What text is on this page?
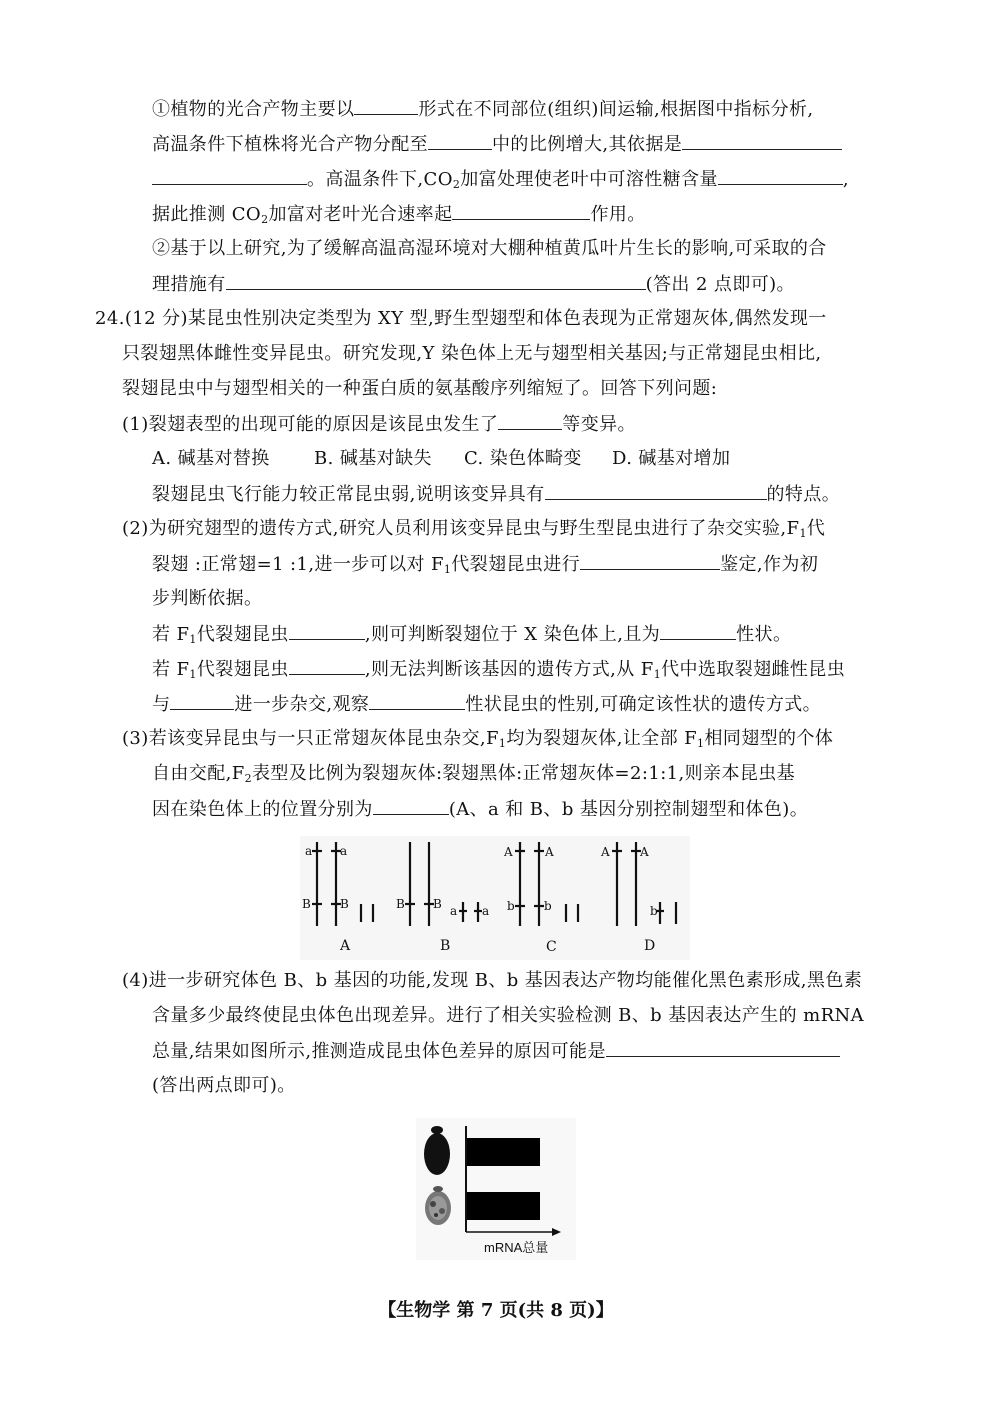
①植物的光合产物主要以	形式在不同部位(组织)间运输,根据图中指标分析,
高温条件下植株将光合产物分配至	中的比例增大,其依据是
。高温条件下$,CO_2$加富处理使老叶中可溶性糖含量	,
据此推测 $CO_2$加富对老叶光合速率起	作用。
②基于以上研究,为了缓解高温高湿环境对大棚种植黄瓜叶片生长的影响,可采取的合
理措施有	(答出 2 点即可)。
24.(12 分)某昆虫性别决定类型为 XY 型,野生型翅型和体色表现为正常翅灰体,偶然发现一
只裂翅黑体雌性变异昆虫。研究发现,Y 染色体上无与翅型相关基因;与正常翅昆虫相比,
裂翅昆虫中与翅型相关的一种蛋白质的氨基酸序列缩短了。回答下列问题:
(1)裂翅表型的出现可能的原因是该昆虫发生了	等变异。
A. 碱基对替换 B. 碱基对缺失 C. 染色体畸变 D. 碱基对增加
裂翅昆虫飞行能力较正常昆虫弱,说明该变异具有	的特点。
(2)为研究翅型的遗传方式,研究人员利用该变异昆虫与野生型昆虫进行了杂交实验$,F_1$代
裂翅 :正常翅=1 :1,进一步可以对 $F_1$代裂翅昆虫进行	鉴定,作为初
步判断依据。
若 $F_1$代裂翅昆虫	,则可判断裂翅位于 X 染色体上,且为	性状。
若 $F_1$代裂翅昆虫	,则无法判断该基因的遗传方式,从 $F_1$代中选取裂翅雌性昆虫
与	进一步杂交,观察	性状昆虫的性别,可确定该性状的遗传方式。
(3)若该变异昆虫与一只正常翅灰体昆虫杂交$,F_1$均为裂翅灰体,让全部 $F_1$相同翅型的个体
自由交配$,F_2$表型及比例为裂翅灰体:裂翅黑体:正常翅灰体=2:1:1,则亲本昆虫基
因在染色体上的位置分别为	(A、a 和 B、b 基因分别控制翅型和体色)。
a a
B B	B B a a
A	A
b b
A	A
b
A	B	C	D
(4)进一步研究体色 B、b 基因的功能,发现 B、b 基因表达产物均能催化黑色素形成,黑色素
含量多少最终使昆虫体色出现差异。进行了相关实验检测 B、b 基因表达产生的 mRNA
总量,结果如图所示,推测造成昆虫体色差异的原因可能是
(答出两点即可)。
mRNA总量
【生物学 第 7 页(共 8 页)】
